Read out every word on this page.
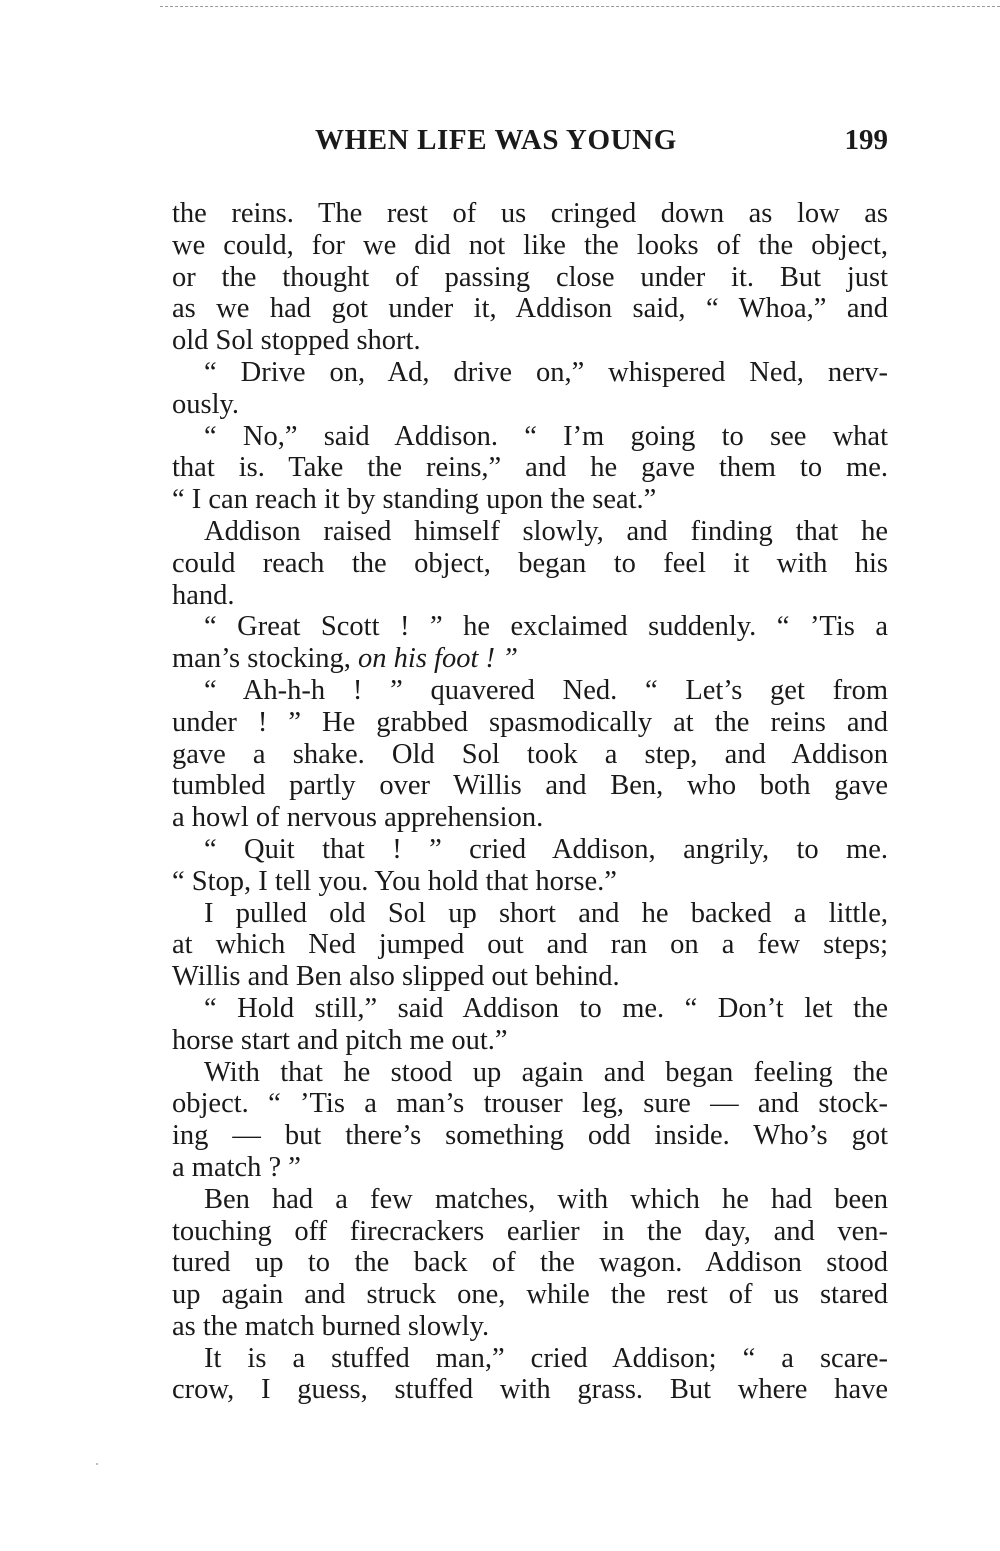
WHEN LIFE WAS YOUNG	199
the reins. The rest of us cringed down as low as
we could, for we did not like the looks of the object,
or the thought of passing close under it. But just
as we had got under it, Addison said, “ Whoa,” and
old Sol stopped short.
“ Drive on, Ad, drive on,” whispered Ned, nerv-
ously.
“ No,” said Addison. “ I’m going to see what
that is. Take the reins,” and he gave them to me.
“ I can reach it by standing upon the seat.”
Addison raised himself slowly, and finding that he
could reach the object, began to feel it with his
hand.
“ Great Scott ! ” he exclaimed suddenly. “ ’Tis a
man’s stocking, on his foot ! ”
“ Ah-h-h ! ” quavered Ned. “ Let’s get from
under ! ” He grabbed spasmodically at the reins and
gave a shake. Old Sol took a step, and Addison
tumbled partly over Willis and Ben, who both gave
a howl of nervous apprehension.
“ Quit that ! ” cried Addison, angrily, to me.
“ Stop, I tell you. You hold that horse.”
I pulled old Sol up short and he backed a little,
at which Ned jumped out and ran on a few steps;
Willis and Ben also slipped out behind.
“ Hold still,” said Addison to me. “ Don’t let the
horse start and pitch me out.”
With that he stood up again and began feeling the
object. “ ’Tis a man’s trouser leg, sure — and stock-
ing — but there’s something odd inside. Who’s got
a match ? ”
Ben had a few matches, with which he had been
touching off firecrackers earlier in the day, and ven-
tured up to the back of the wagon. Addison stood
up again and struck one, while the rest of us stared
as the match burned slowly.
It is a stuffed man,” cried Addison; “ a scare-
crow, I guess, stuffed with grass. But where have
